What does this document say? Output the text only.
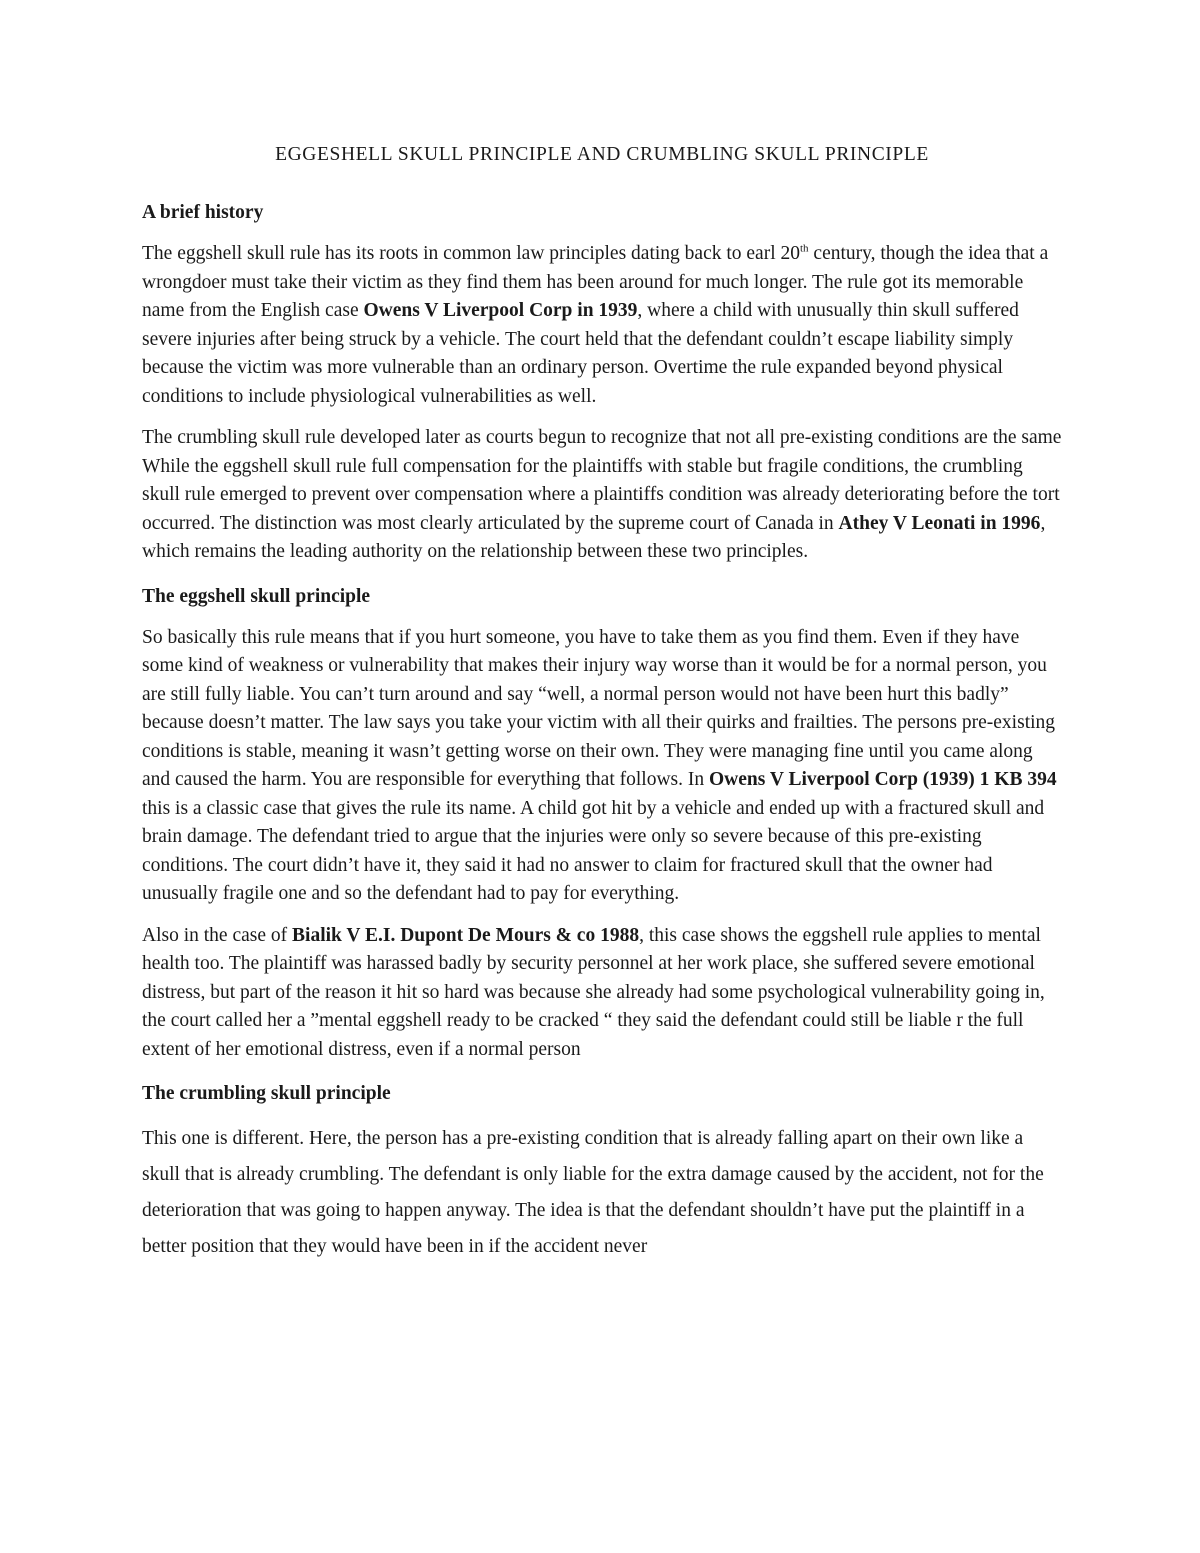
EGGESHELL SKULL PRINCIPLE AND CRUMBLING SKULL PRINCIPLE
A brief history

The eggshell skull rule has its roots in common law principles dating back to earl 20th century, though the idea that a wrongdoer must take their victim as they find them has been around for much longer. The rule got its memorable name from the English case Owens V Liverpool Corp in 1939, where a child with unusually thin skull suffered severe injuries after being struck by a vehicle. The court held that the defendant couldn’t escape liability simply because the victim was more vulnerable than an ordinary person. Overtime the rule expanded beyond physical conditions to include physiological vulnerabilities as well.

The crumbling skull rule developed later as courts begun to recognize that not all pre-existing conditions are the same While the eggshell skull rule full compensation for the plaintiffs with stable but fragile conditions, the crumbling skull rule emerged to prevent over compensation where a plaintiffs condition was already deteriorating before the tort occurred. The distinction was most clearly articulated by the supreme court of Canada in Athey V Leonati in 1996, which remains the leading authority on the relationship between these two principles.

The eggshell skull principle

So basically this rule means that if you hurt someone, you have to take them as you find them. Even if they have some kind of weakness or vulnerability that makes their injury way worse than it would be for a normal person, you are still fully liable. You can’t turn around and say “well, a normal person would not have been hurt this badly” because doesn’t matter. The law says you take your victim with all their quirks and frailties. The persons pre-existing conditions is stable, meaning it wasn’t getting worse on their own. They were managing fine until you came along and caused the harm. You are responsible for everything that follows. In Owens V Liverpool Corp (1939) 1 KB 394 this is a classic case that gives the rule its name. A child got hit by a vehicle and ended up with a fractured skull and brain damage. The defendant tried to argue that the injuries were only so severe because of this pre-existing conditions. The court didn’t have it, they said it had no answer to claim for fractured skull that the owner had unusually fragile one and so the defendant had to pay for everything.

Also in the case of Bialik V E.I. Dupont De Mours & co 1988, this case shows the eggshell rule applies to mental health too. The plaintiff was harassed badly by security personnel at her work place, she suffered severe emotional distress, but part of the reason it hit so hard was because she already had some psychological vulnerability going in, the court called her a ”mental eggshell ready to be cracked “ they said the defendant could still be liable r the full extent of her emotional distress, even if a normal person

The crumbling skull principle

This one is different. Here, the person has a pre-existing condition that is already falling apart on their own like a skull that is already crumbling. The defendant is only liable for the extra damage caused by the accident, not for the deterioration that was going to happen anyway. The idea is that the defendant shouldn’t have put the plaintiff in a better position that they would have been in if the accident never
